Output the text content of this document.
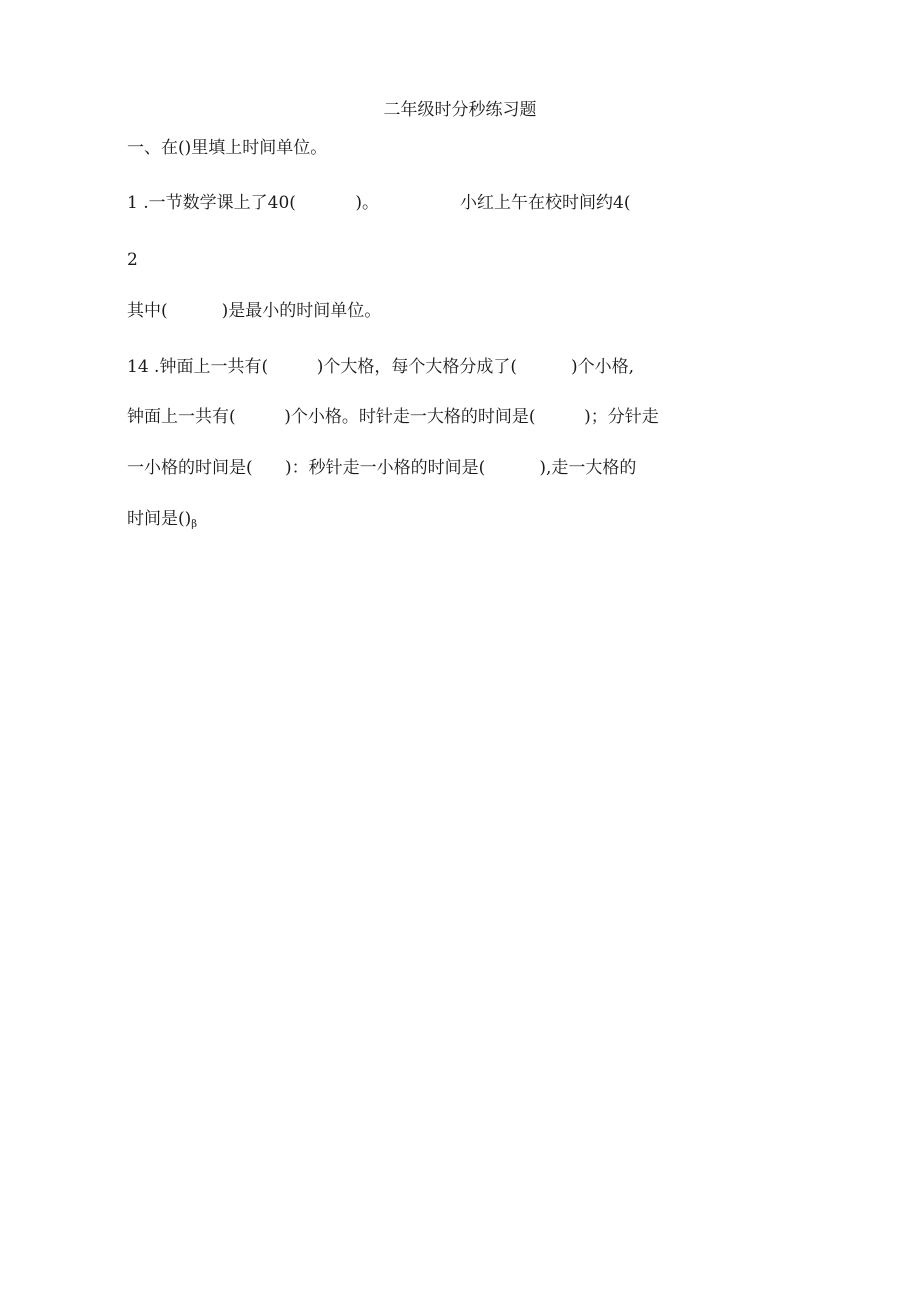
二年级时分秒练习题
一、在()里填上时间单位。
1 .一节数学课上了40(           )。	小红上午在校时间约4(
2
其中(          )是最小的时间单位。
14 .钟面上一共有(         )个大格，每个大格分成了(          )个小格,
钟面上一共有(         )个小格。时针走一大格的时间是(         )；分针走
一小格的时间是(      )：秒针走一小格的时间是(          ),走一大格的
时间是$()_\beta$
